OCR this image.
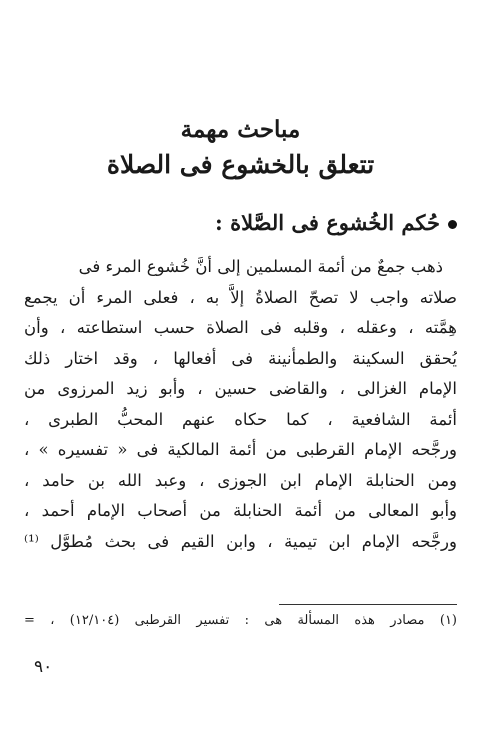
مباحث مهمة
تتعلق بالخشوع فى الصلاة
حُكم الخُشوع فى الصَّلاة :
ذهب جمعٌ من أئمة المسلمين إلى أنَّ خُشوع المرء فى
صلاته واجب لا تصحّ الصلاةُ إلاَّ به ، فعلى المرء أن يجمع
هِمَّته ، وعقله ، وقلبه فى الصلاة حسب استطاعته ، وأن
يُحقق السكينة والطمأنينة فى أفعالها ، وقد اختار ذلك
الإمام الغزالى ، والقاضى حسين ، وأبو زيد المرزوى من
أئمة الشافعية ، كما حكاه عنهم المحبُّ الطبرى ،
ورجَّحه الإمام القرطبى من أئمة المالكية فى « تفسيره » ،
ومن الحنابلة الإمام ابن الجوزى ، وعبد الله بن حامد ،
وأبو المعالى من أئمة الحنابلة من أصحاب الإمام أحمد ،
ورجَّحه الإمام ابن تيمية ، وابن القيم فى بحث مُطوَّل ⁽¹⁾
(١) مصادر هذه المسألة هى : تفسير القرطبى (١٢/١٠٤) ، =
٩٠
